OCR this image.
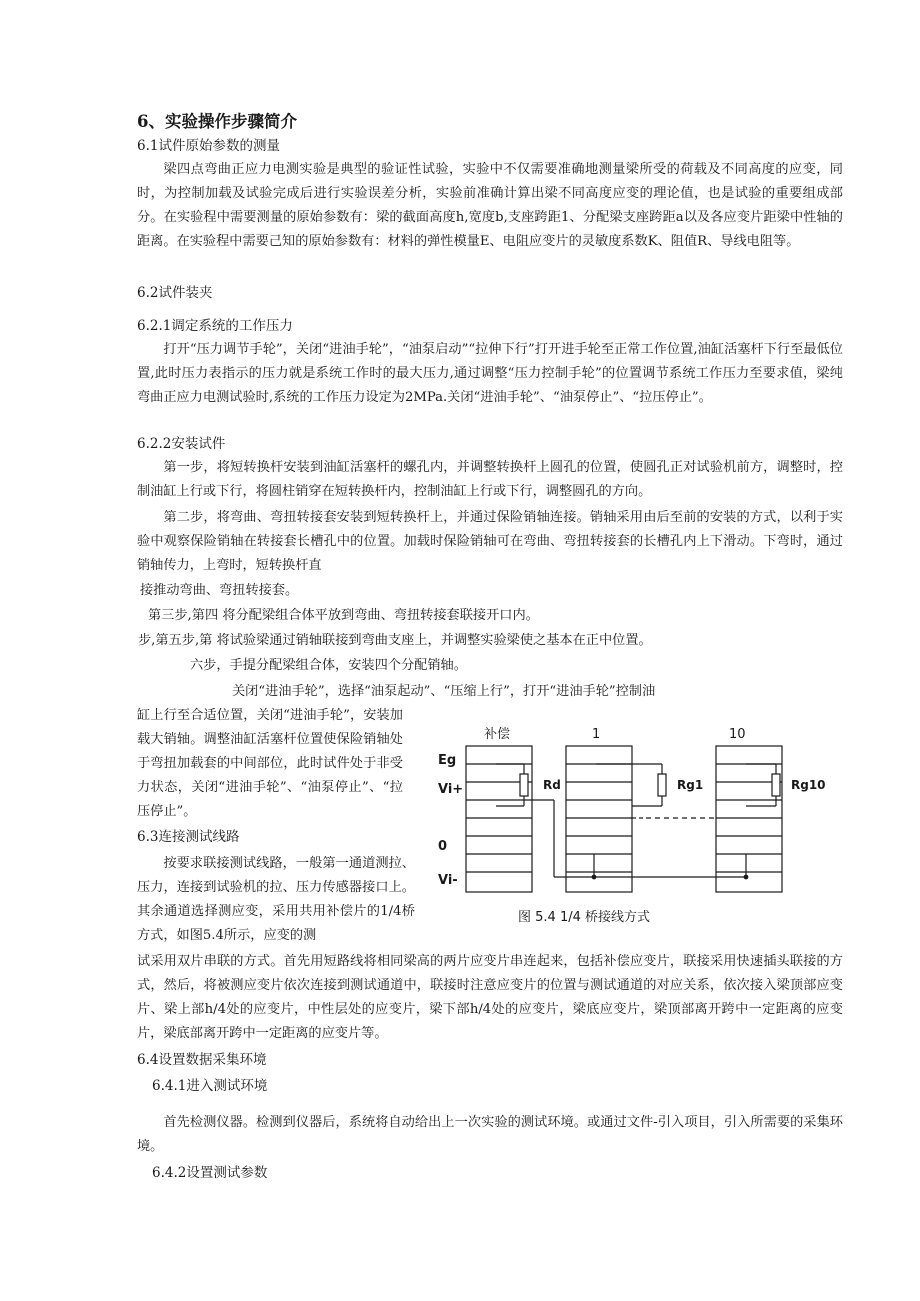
6、实验操作步骤简介
6.1试件原始参数的测量
梁四点弯曲正应力电测实验是典型的验证性试验，实验中不仅需要准确地测量梁所受的荷载及不同高度的应变，同时，为控制加载及试验完成后进行实验误差分析，实验前准确计算出梁不同高度应变的理论值，也是试验的重要组成部分。在实验程中需要测量的原始参数有：梁的截面高度h,宽度b,支座跨距1、分配梁支座跨距a以及各应变片距梁中性轴的距离。在实验程中需要己知的原始参数有：材料的弹性模量E、电阻应变片的灵敏度系数K、阻值R、导线电阻等。
6.2试件装夹
6.2.1调定系统的工作压力
打开“压力调节手轮”，关闭“进油手轮”，“油泵启动”“拉伸下行”打开进手轮至正常工作位置,油缸活塞杆下行至最低位置,此时压力表指示的压力就是系统工作时的最大压力,通过调整“压力控制手轮”的位置调节系统工作压力至要求值，梁纯弯曲正应力电测试验时,系统的工作压力设定为2MPa.关闭“进油手轮”、“油泵停止”、“拉压停止”。
6.2.2安装试件
第一步，将短转换杆安装到油缸活塞杆的螺孔内，并调整转换杆上圆孔的位置，使圆孔正对试验机前方，调整时，控制油缸上行或下行，将圆柱销穿在短转换杆内，控制油缸上行或下行，调整圆孔的方向。
第二步，将弯曲、弯扭转接套安装到短转换杆上，并通过保险销轴连接。销轴采用由后至前的安装的方式，以利于实验中观察保险销轴在转接套长槽孔中的位置。加载时保险销轴可在弯曲、弯扭转接套的长槽孔内上下滑动。下弯时，通过销轴传力，上弯时，短转换杆直
接推动弯曲、弯扭转接套。
第三步,第四 将分配梁组合体平放到弯曲、弯扭转接套联接开口内。
步,第五步,第 将试验梁通过销轴联接到弯曲支座上，并调整实验梁使之基本在正中位置。
六步，手提分配梁组合体，安装四个分配销轴。
关闭“进油手轮”，选择“油泵起动”、“压缩上行”，打开“进油手轮”控制油
缸上行至合适位置，关闭“进油手轮”，安装加载大销轴。调整油缸活塞杆位置使保险销轴处于弯扭加载套的中间部位，此时试件处于非受力状态，关闭“进油手轮”、“油泵停止”、“拉压停止”。
6.3连接测试线路
按要求联接测试线路，一般第一通道测拉、压力，连接到试验机的拉、压力传感器接口上。其余通道选择测应变，采用共用补偿片的1/4桥方式，如图5.4所示，应变的测
试采用双片串联的方式。首先用短路线将相同梁高的两片应变片串连起来，包括补偿应变片，联接采用快速插头联接的方式，然后，将被测应变片依次连接到测试通道中，联接时注意应变片的位置与测试通道的对应关系，依次接入梁顶部应变片、梁上部h/4处的应变片，中性层处的应变片，梁下部h/4处的应变片，梁底应变片，梁顶部离开跨中一定距离的应变片，梁底部离开跨中一定距离的应变片等。
6.4设置数据采集环境
6.4.1进入测试环境
首先检测仪器。检测到仪器后，系统将自动给出上一次实验的测试环境。或通过文件-引入项目，引入所需要的采集环境。
6.4.2设置测试参数
补偿	1	10
Eg
Vi+
0
Vi-
Rd	Rg1	Rg10
图 5.4 1/4 桥接线方式
